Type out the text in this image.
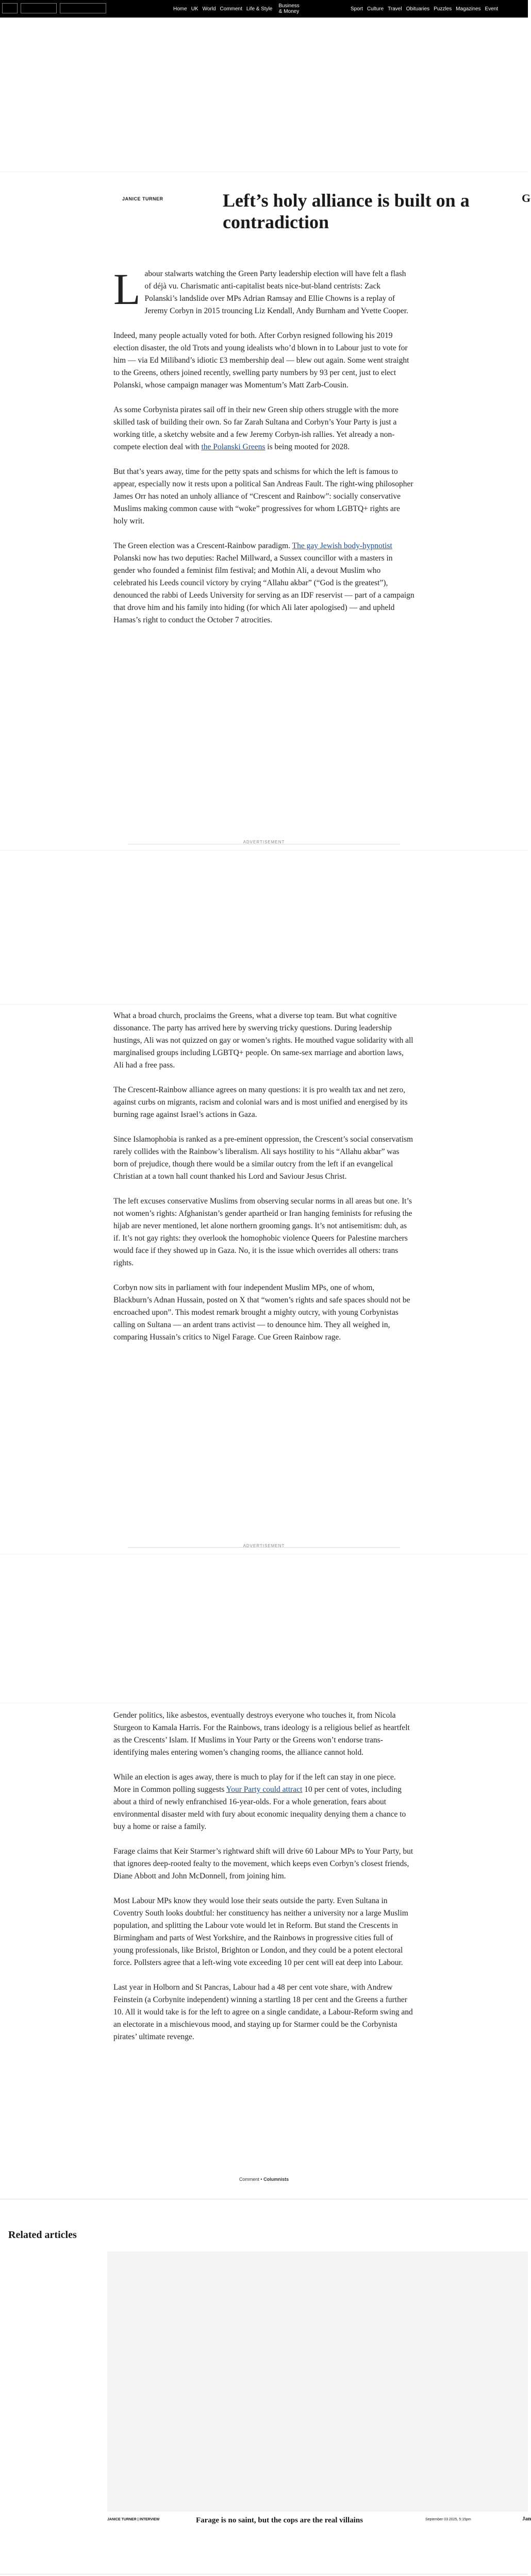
Home UK World Comment Life & Style	Business & Money	Sport Culture Travel Obituaries Puzzles Magazines Event
JANICE TURNER	Left’s holy alliance is built on a contradiction
G

Labour stalwarts watching the Green Party leadership election will have felt a flash of déjà vu. Charismatic anti-capitalist beats nice-but-bland centrists: Zack Polanski’s landslide over MPs Adrian Ramsay and Ellie Chowns is a replay of Jeremy Corbyn in 2015 trouncing Liz Kendall, Andy Burnham and Yvette Cooper.

Indeed, many people actually voted for both. After Corbyn resigned following his 2019 election disaster, the old Trots and young idealists who’d blown in to Labour just to vote for him — via Ed Miliband’s idiotic £3 membership deal — blew out again. Some went straight to the Greens, others joined recently, swelling party numbers by 93 per cent, just to elect Polanski, whose campaign manager was Momentum’s Matt Zarb-Cousin.

As some Corbynista pirates sail off in their new Green ship others struggle with the more skilled task of building their own. So far Zarah Sultana and Corbyn’s Your Party is just a working title, a sketchy website and a few Jeremy Corbyn-ish rallies. Yet already a non-compete election deal with the Polanski Greens is being mooted for 2028.

But that’s years away, time for the petty spats and schisms for which the left is famous to appear, especially now it rests upon a political San Andreas Fault. The right-wing philosopher James Orr has noted an unholy alliance of “Crescent and Rainbow”: socially conservative Muslims making common cause with “woke” progressives for whom LGBTQ+ rights are holy writ.

The Green election was a Crescent-Rainbow paradigm. The gay Jewish body-hypnotist Polanski now has two deputies: Rachel Millward, a Sussex councillor with a masters in gender who founded a feminist film festival; and Mothin Ali, a devout Muslim who celebrated his Leeds council victory by crying “Allahu akbar” (“God is the greatest”), denounced the rabbi of Leeds University for serving as an IDF reservist — part of a campaign that drove him and his family into hiding (for which Ali later apologised) — and upheld Hamas’s right to conduct the October 7 atrocities.

ADVERTISEMENT

What a broad church, proclaims the Greens, what a diverse top team. But what cognitive dissonance. The party has arrived here by swerving tricky questions. During leadership hustings, Ali was not quizzed on gay or women’s rights. He mouthed vague solidarity with all marginalised groups including LGBTQ+ people. On same-sex marriage and abortion laws, Ali had a free pass.

The Crescent-Rainbow alliance agrees on many questions: it is pro wealth tax and net zero, against curbs on migrants, racism and colonial wars and is most unified and energised by its burning rage against Israel’s actions in Gaza.

Since Islamophobia is ranked as a pre-eminent oppression, the Crescent’s social conservatism rarely collides with the Rainbow’s liberalism. Ali says hostility to his “Allahu akbar” was born of prejudice, though there would be a similar outcry from the left if an evangelical Christian at a town hall count thanked his Lord and Saviour Jesus Christ.

The left excuses conservative Muslims from observing secular norms in all areas but one. It’s not women’s rights: Afghanistan’s gender apartheid or Iran hanging feminists for refusing the hijab are never mentioned, let alone northern grooming gangs. It’s not antisemitism: duh, as if. It’s not gay rights: they overlook the homophobic violence Queers for Palestine marchers would face if they showed up in Gaza. No, it is the issue which overrides all others: trans rights.

Corbyn now sits in parliament with four independent Muslim MPs, one of whom, Blackburn’s Adnan Hussain, posted on X that “women’s rights and safe spaces should not be encroached upon”. This modest remark brought a mighty outcry, with young Corbynistas calling on Sultana — an ardent trans activist — to denounce him. They all weighed in, comparing Hussain’s critics to Nigel Farage. Cue Green Rainbow rage.

ADVERTISEMENT

Gender politics, like asbestos, eventually destroys everyone who touches it, from Nicola Sturgeon to Kamala Harris. For the Rainbows, trans ideology is a religious belief as heartfelt as the Crescents’ Islam. If Muslims in Your Party or the Greens won’t endorse trans-identifying males entering women’s changing rooms, the alliance cannot hold.

While an election is ages away, there is much to play for if the left can stay in one piece. More in Common polling suggests Your Party could attract 10 per cent of votes, including about a third of newly enfranchised 16-year-olds. For a whole generation, fears about environmental disaster meld with fury about economic inequality denying them a chance to buy a home or raise a family.

Farage claims that Keir Starmer’s rightward shift will drive 60 Labour MPs to Your Party, but that ignores deep-rooted fealty to the movement, which keeps even Corbyn’s closest friends, Diane Abbott and John McDonnell, from joining him.

Most Labour MPs know they would lose their seats outside the party. Even Sultana in Coventry South looks doubtful: her constituency has neither a university nor a large Muslim population, and splitting the Labour vote would let in Reform. But stand the Crescents in Birmingham and parts of West Yorkshire, and the Rainbows in progressive cities full of young professionals, like Bristol, Brighton or London, and they could be a potent electoral force. Pollsters agree that a left-wing vote exceeding 10 per cent will eat deep into Labour.

Last year in Holborn and St Pancras, Labour had a 48 per cent vote share, with Andrew Feinstein (a Corbynite independent) winning a startling 18 per cent and the Greens a further 10. All it would take is for the left to agree on a single candidate, a Labour-Reform swing and an electorate in a mischievous mood, and staying up for Starmer could be the Corbynista pirates’ ultimate revenge.

Comment • Columnists
Related articles
JANICE TURNER | INTERVIEW	Farage is no saint, but the cops are the real villains	September 03 2025, 5:15pm	Jan
